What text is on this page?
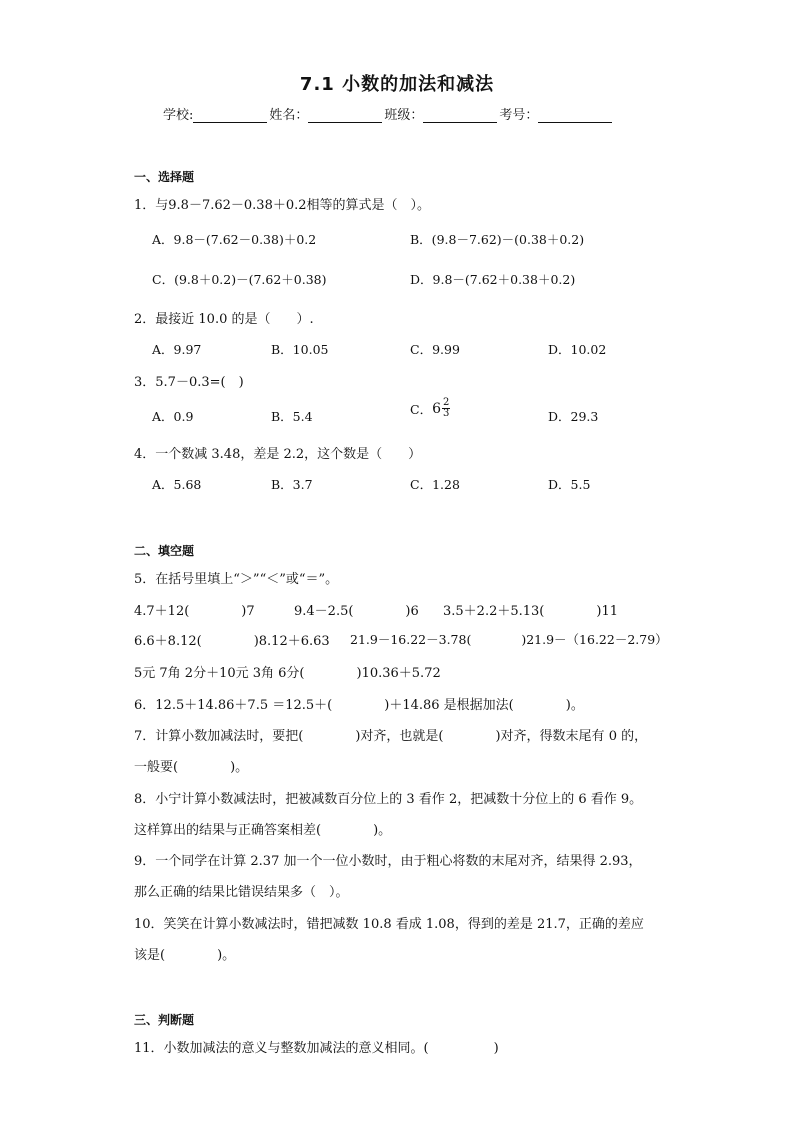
7.1 小数的加法和减法
学校:	姓名：	班级：	考号：
一、选择题
1．与9.8－7.62－0.38＋0.2相等的算式是（　）。
A．9.8－(7.62－0.38)＋0.2	B．(9.8－7.62)－(0.38＋0.2)
C．(9.8＋0.2)－(7.62＋0.38)	D．9.8－(7.62＋0.38＋0.2)
2．最接近 10.0 的是（　　）.
A．9.97	B．10.05	C．9.99	D．10.02
3．5.7－0.3=(　)
A．0.9	B．5.4	C． $6 \frac{2}{3}$	D．29.3
4．一个数减 3.48，差是 2.2，这个数是（　　）
A．5.68	B．3.7	C．1.28	D．5.5
二、填空题
5．在括号里填上“＞”“＜”或“＝”。
4.7＋12(　　　　)7	9.4－2.5(　　　　)6 3.5＋2.2＋5.13(　　　　)11
6.6＋8.12(　　　　)8.12＋6.63 21.9－16.22－3.78(　　　　)21.9－（16.22－2.79）
5元 7角 2分＋10元 3角 6分(　　　　)10.36＋5.72
6．12.5＋14.86＋7.5 ＝12.5＋(　　　　)＋14.86 是根据加法(　　　　)。
7．计算小数加减法时，要把(　　　　)对齐，也就是(　　　　)对齐，得数末尾有 0 的，
一般要(　　　　)。
8．小宁计算小数减法时，把被减数百分位上的 3 看作 2，把减数十分位上的 6 看作 9。
这样算出的结果与正确答案相差(　　　　)。
9．一个同学在计算 2.37 加一个一位小数时，由于粗心将数的末尾对齐，结果得 2.93，
那么正确的结果比错误结果多（　）。
10．笑笑在计算小数减法时，错把减数 10.8 看成 1.08，得到的差是 21.7，正确的差应
该是(　　　　)。
三、判断题
11．小数加减法的意义与整数加减法的意义相同。(　　　　　)
